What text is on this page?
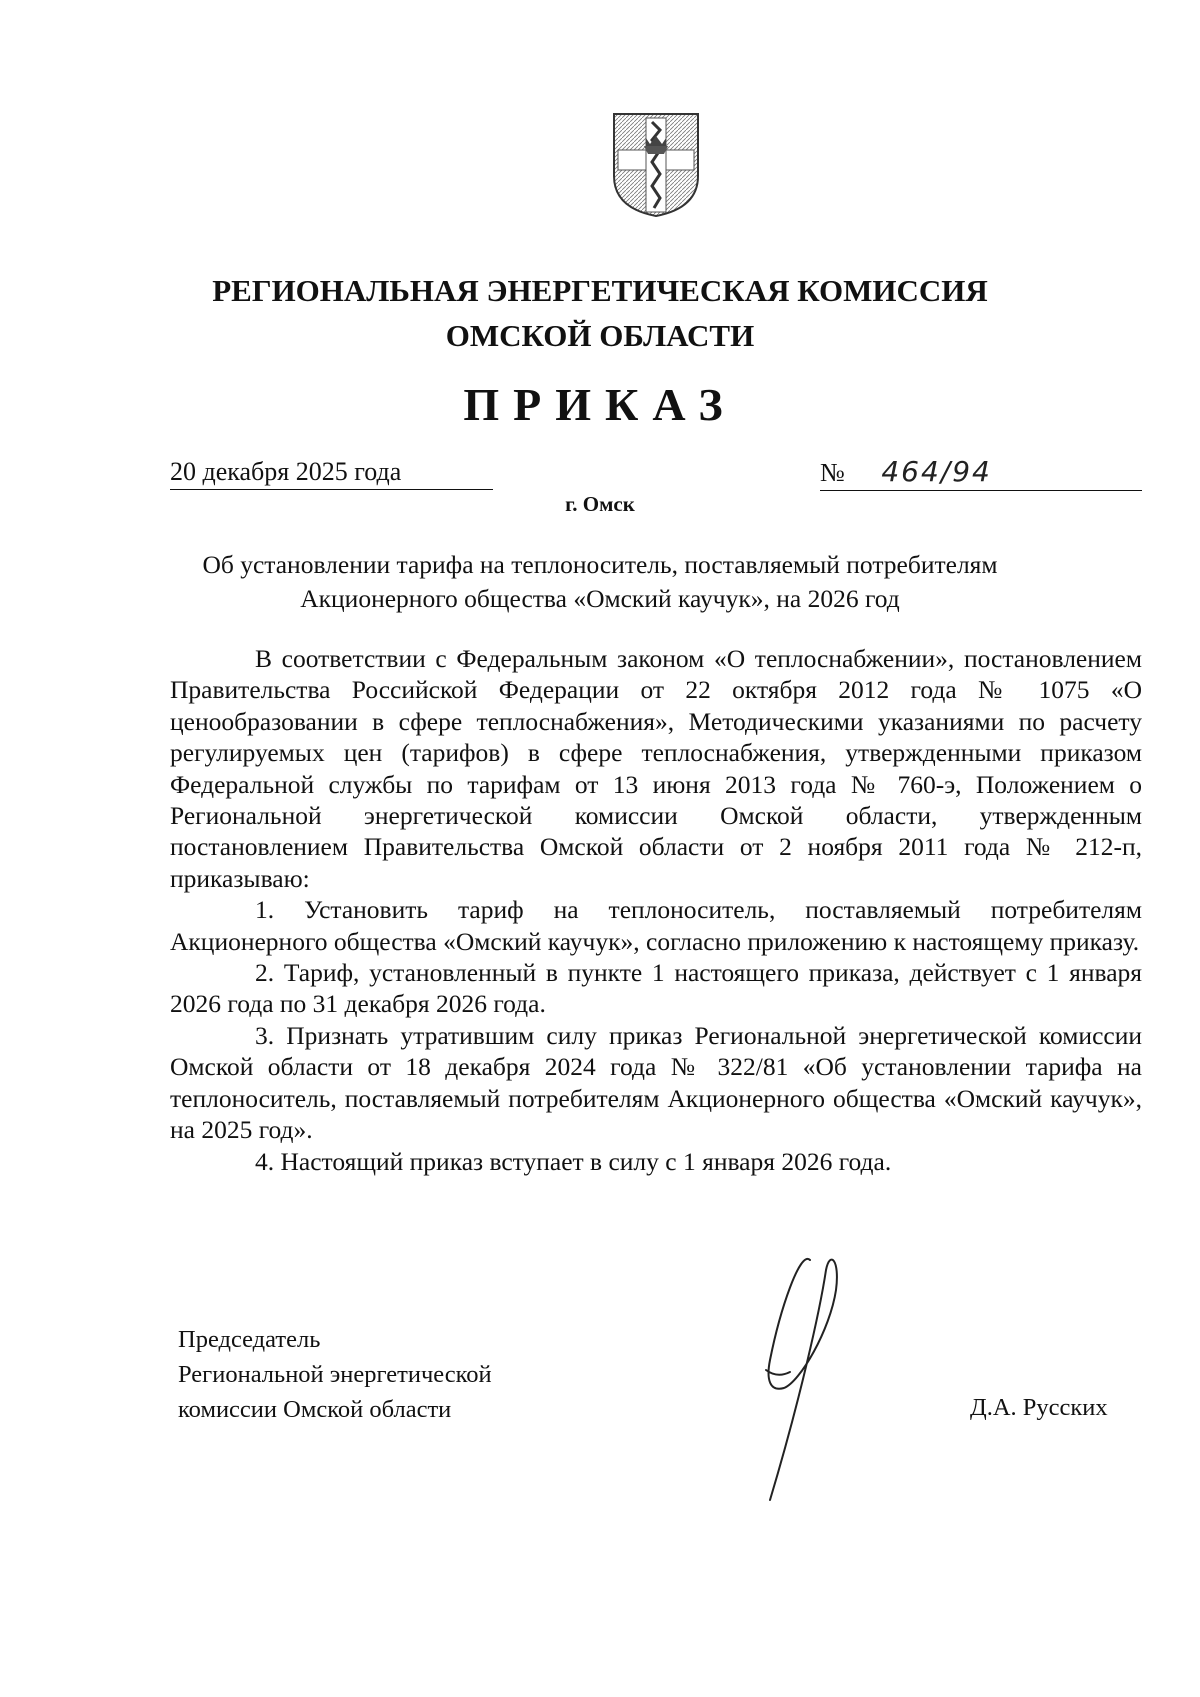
РЕГИОНАЛЬНАЯ ЭНЕРГЕТИЧЕСКАЯ КОМИССИЯ
ОМСКОЙ ОБЛАСТИ
ПРИКАЗ
20 декабря 2025 года	№ 464/94
г. Омск
Об установлении тарифа на теплоноситель, поставляемый потребителям
Акционерного общества «Омский каучук», на 2026 год

В соответствии с Федеральным законом «О теплоснабжении», постановлением Правительства Российской Федерации от 22 октября 2012 года № 1075 «О ценообразовании в сфере теплоснабжения», Методическими указаниями по расчету регулируемых цен (тарифов) в сфере теплоснабжения, утвержденными приказом Федеральной службы по тарифам от 13 июня 2013 года № 760-э, Положением о Региональной энергетической комиссии Омской области, утвержденным постановлением Правительства Омской области от 2 ноября 2011 года № 212-п, приказываю:

1. Установить тариф на теплоноситель, поставляемый потребителям Акционерного общества «Омский каучук», согласно приложению к настоящему приказу.

2. Тариф, установленный в пункте 1 настоящего приказа, действует с 1 января 2026 года по 31 декабря 2026 года.

3. Признать утратившим силу приказ Региональной энергетической комиссии Омской области от 18 декабря 2024 года № 322/81 «Об установлении тарифа на теплоноситель, поставляемый потребителям Акционерного общества «Омский каучук», на 2025 год».

4. Настоящий приказ вступает в силу с 1 января 2026 года.

Председатель
Региональной энергетической
комиссии Омской области	Д.А. Русских
